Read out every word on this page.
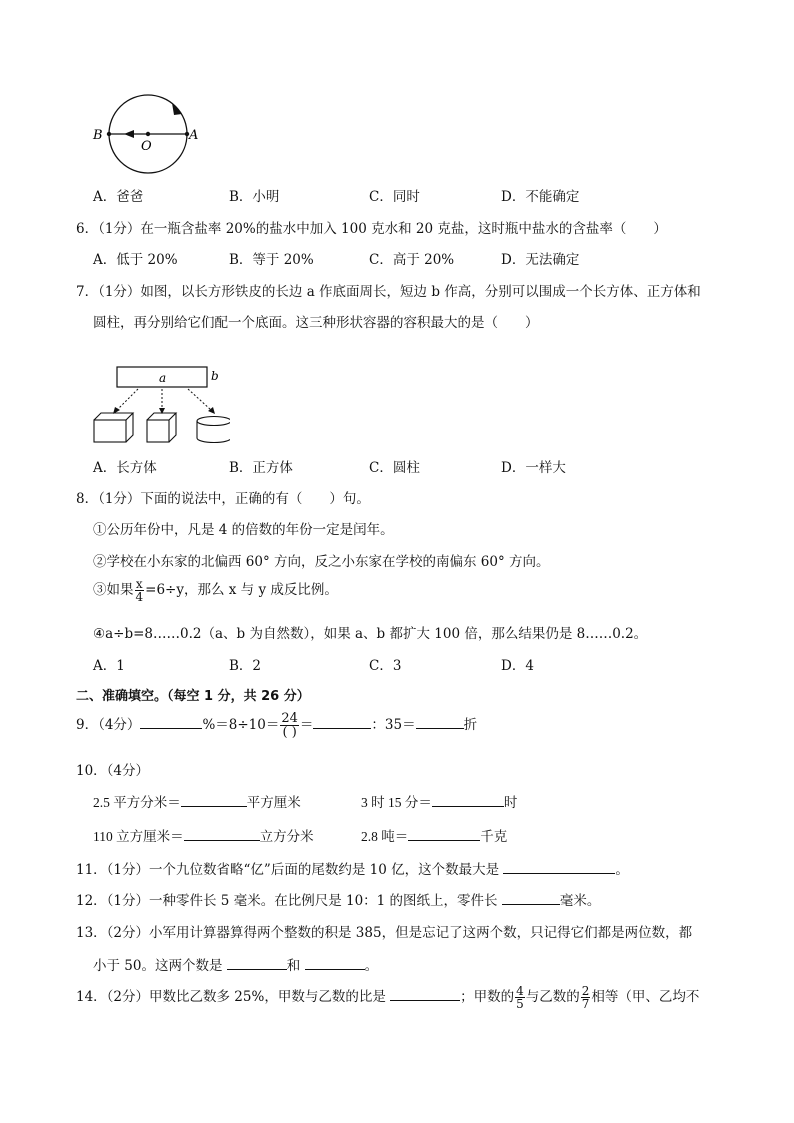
B
O
A
A．爸爸	B．小明	C．同时	D．不能确定
6．（1分）在一瓶含盐率 20%的盐水中加入 100 克水和 20 克盐，这时瓶中盐水的含盐率（　　）
A．低于 20%	B．等于 20%	C．高于 20%	D．无法确定
7．（1分）如图，以长方形铁皮的长边 a 作底面周长，短边 b 作高，分别可以围成一个长方体、正方体和
圆柱，再分别给它们配一个底面。这三种形状容器的容积最大的是（　　）
a	b
A．长方体	B．正方体	C．圆柱	D．一样大
8．（1分）下面的说法中，正确的有（　　）句。
①公历年份中，凡是 4 的倍数的年份一定是闰年。
②学校在小东家的北偏西 60° 方向，反之小东家在学校的南偏东 60° 方向。
③如果 $\frac{x}{4} =6\div y$，那么 x 与 y 成反比例。
④a÷b=8……0.2（a、b 为自然数），如果 a、b 都扩大 100 倍，那么结果仍是 8……0.2。
A．1	B．2	C．3	D．4
二、准确填空。（每空 1 分，共 26 分）
9．（4分）	$\%=8\div 10= \frac{24}{( )}$ ＝	：35＝	折
10．（4分）
2.5 平方分米＝	平方厘米	3 时 15 分＝	时
110 立方厘米＝	立方分米	2.8 吨＝	千克
11．（1分）一个九位数省略“亿”后面的尾数约是 10 亿，这个数最大是	。
12．（1分）一种零件长 5 毫米。在比例尺是 10：1 的图纸上，零件长	毫米。
13．（2分）小军用计算器算得两个整数的积是 385，但是忘记了这两个数，只记得它们都是两位数，都
小于 50。这两个数是	和	。
14．（2分）甲数比乙数多 25%，甲数与乙数的比是	；甲数的 $\frac{4}{5}$ 与乙数的 $\frac{2}{7}$ 相等（甲、乙均不
